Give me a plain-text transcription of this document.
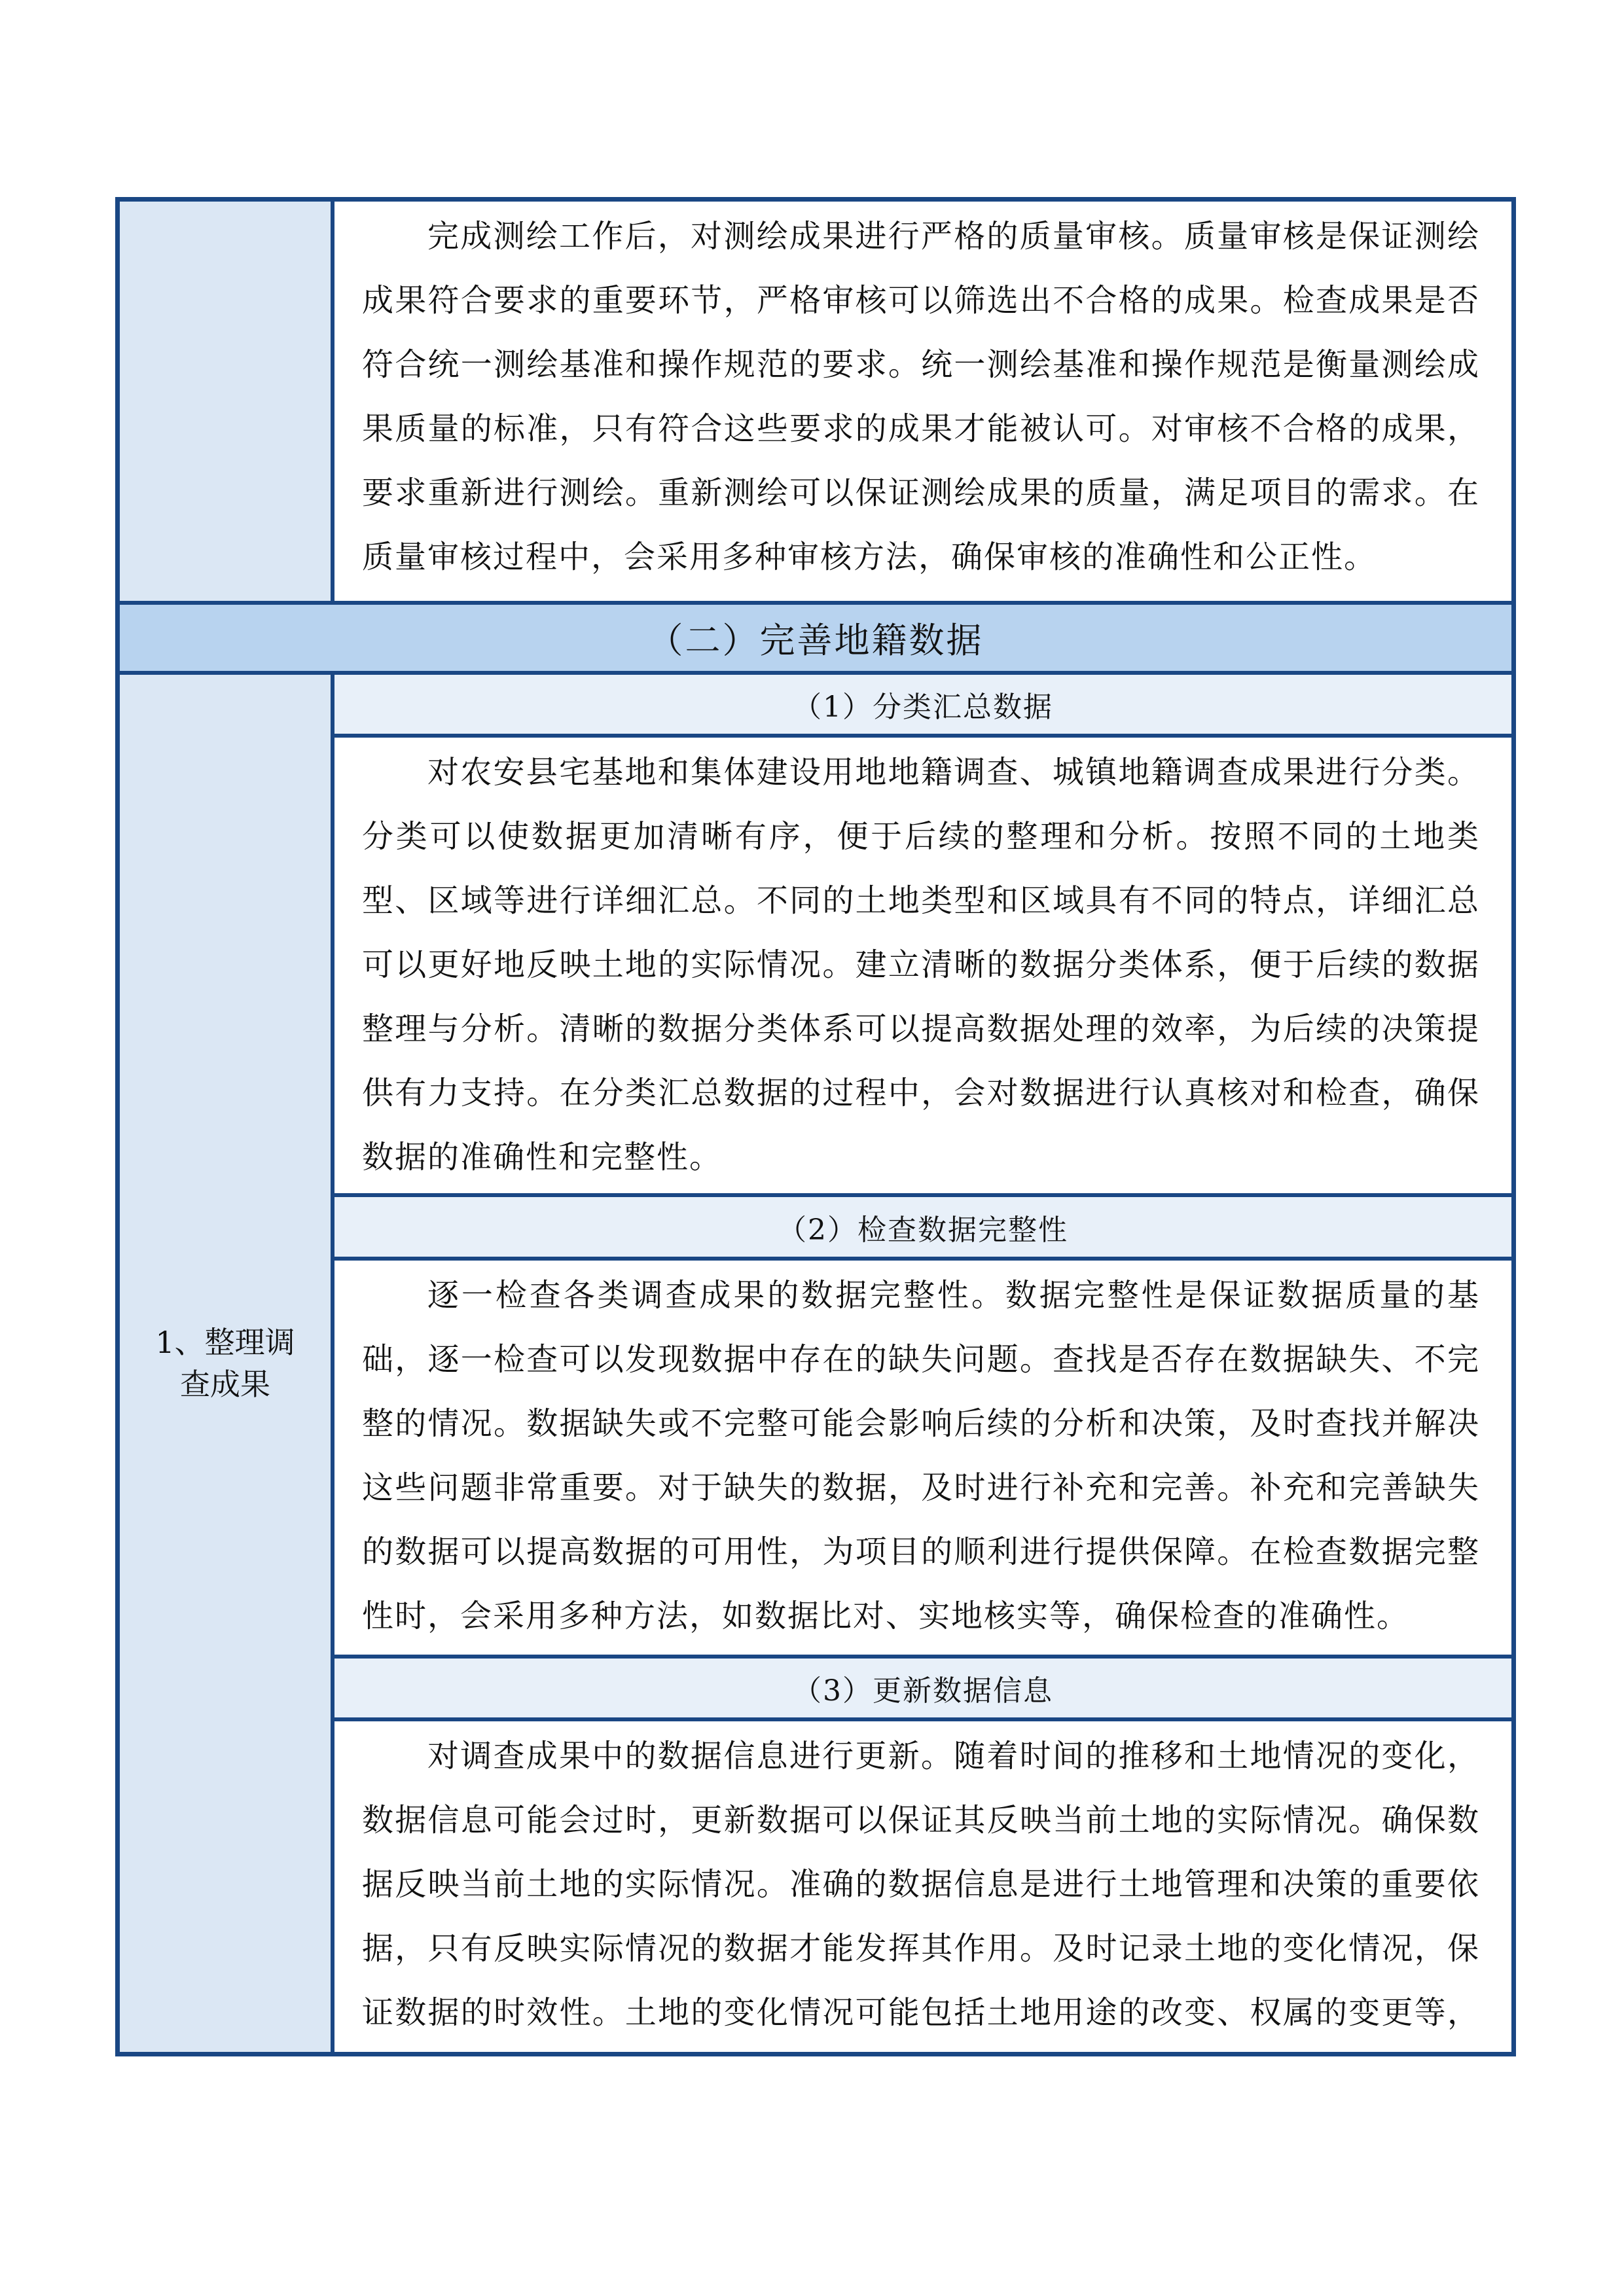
完成测绘工作后，对测绘成果进行严格的质量审核。质量审核是保证测绘
成果符合要求的重要环节，严格审核可以筛选出不合格的成果。检查成果是否
符合统一测绘基准和操作规范的要求。统一测绘基准和操作规范是衡量测绘成
果质量的标准，只有符合这些要求的成果才能被认可。对审核不合格的成果，
要求重新进行测绘。重新测绘可以保证测绘成果的质量，满足项目的需求。在
质量审核过程中，会采用多种审核方法，确保审核的准确性和公正性。
（二）完善地籍数据
1、整理调
查成果
（1）分类汇总数据
对农安县宅基地和集体建设用地地籍调查、城镇地籍调查成果进行分类。
分类可以使数据更加清晰有序，便于后续的整理和分析。按照不同的土地类
型、区域等进行详细汇总。不同的土地类型和区域具有不同的特点，详细汇总
可以更好地反映土地的实际情况。建立清晰的数据分类体系，便于后续的数据
整理与分析。清晰的数据分类体系可以提高数据处理的效率，为后续的决策提
供有力支持。在分类汇总数据的过程中，会对数据进行认真核对和检查，确保
数据的准确性和完整性。
（2）检查数据完整性
逐一检查各类调查成果的数据完整性。数据完整性是保证数据质量的基
础，逐一检查可以发现数据中存在的缺失问题。查找是否存在数据缺失、不完
整的情况。数据缺失或不完整可能会影响后续的分析和决策，及时查找并解决
这些问题非常重要。对于缺失的数据，及时进行补充和完善。补充和完善缺失
的数据可以提高数据的可用性，为项目的顺利进行提供保障。在检查数据完整
性时，会采用多种方法，如数据比对、实地核实等，确保检查的准确性。
（3）更新数据信息
对调查成果中的数据信息进行更新。随着时间的推移和土地情况的变化，
数据信息可能会过时，更新数据可以保证其反映当前土地的实际情况。确保数
据反映当前土地的实际情况。准确的数据信息是进行土地管理和决策的重要依
据，只有反映实际情况的数据才能发挥其作用。及时记录土地的变化情况，保
证数据的时效性。土地的变化情况可能包括土地用途的改变、权属的变更等，
